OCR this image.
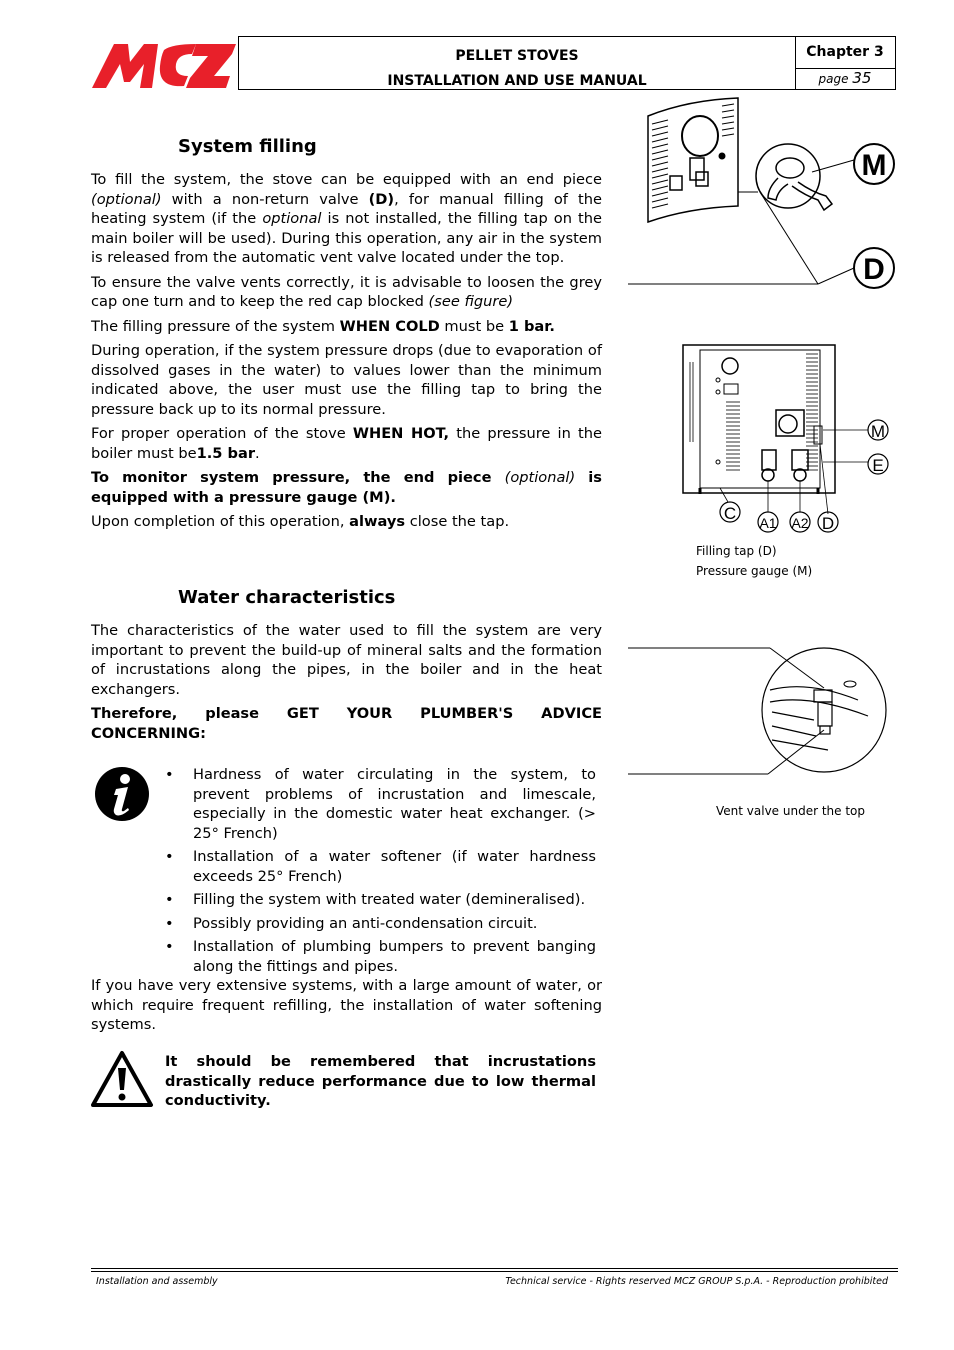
MCZ
PELLET STOVES
INSTALLATION AND USE MANUAL
Chapter 3
page 35
System filling

To fill the system, the stove can be equipped with an end piece (optional) with a non-return valve (D), for manual filling of the heating system (if the optional is not installed, the filling tap on the main boiler will be used). During this operation, any air in the system is released from the automatic vent valve located under the top.

To ensure the valve vents correctly, it is advisable to loosen the grey cap one turn and to keep the red cap blocked (see figure)

The filling pressure of the system WHEN COLD must be 1 bar.

During operation, if the system pressure drops (due to evaporation of dissolved gases in the water) to values lower than the minimum indicated above, the user must use the filling tap to bring the pressure back up to its normal pressure.

For proper operation of the stove WHEN HOT, the pressure in the boiler must be1.5 bar.

To monitor system pressure, the end piece (optional) is equipped with a pressure gauge (M).

Upon completion of this operation, always close the tap.

Water characteristics

The characteristics of the water used to fill the system are very important to prevent the build-up of mineral salts and the formation of incrustations along the pipes, in the boiler and in the heat exchangers.

Therefore, please GET YOUR PLUMBER'S ADVICE CONCERNING:

• Hardness of water circulating in the system, to prevent problems of incrustation and limescale, especially in the domestic water heat exchanger. (> 25° French)
• Installation of a water softener (if water hardness exceeds 25° French)
• Filling the system with treated water (demineralised).
• Possibly providing an anti-condensation circuit.
• Installation of plumbing bumpers to prevent banging along the fittings and pipes.

If you have very extensive systems, with a large amount of water, or which require frequent refilling, the installation of water softening systems.

It should be remembered that incrustations drastically reduce performance due to low thermal conductivity.
M
D
M
E
C A1 A2 D
Filling tap (D)
Pressure gauge (M)
Vent valve under the top
Installation and assembly	Technical service - Rights reserved MCZ GROUP S.p.A. - Reproduction prohibited
